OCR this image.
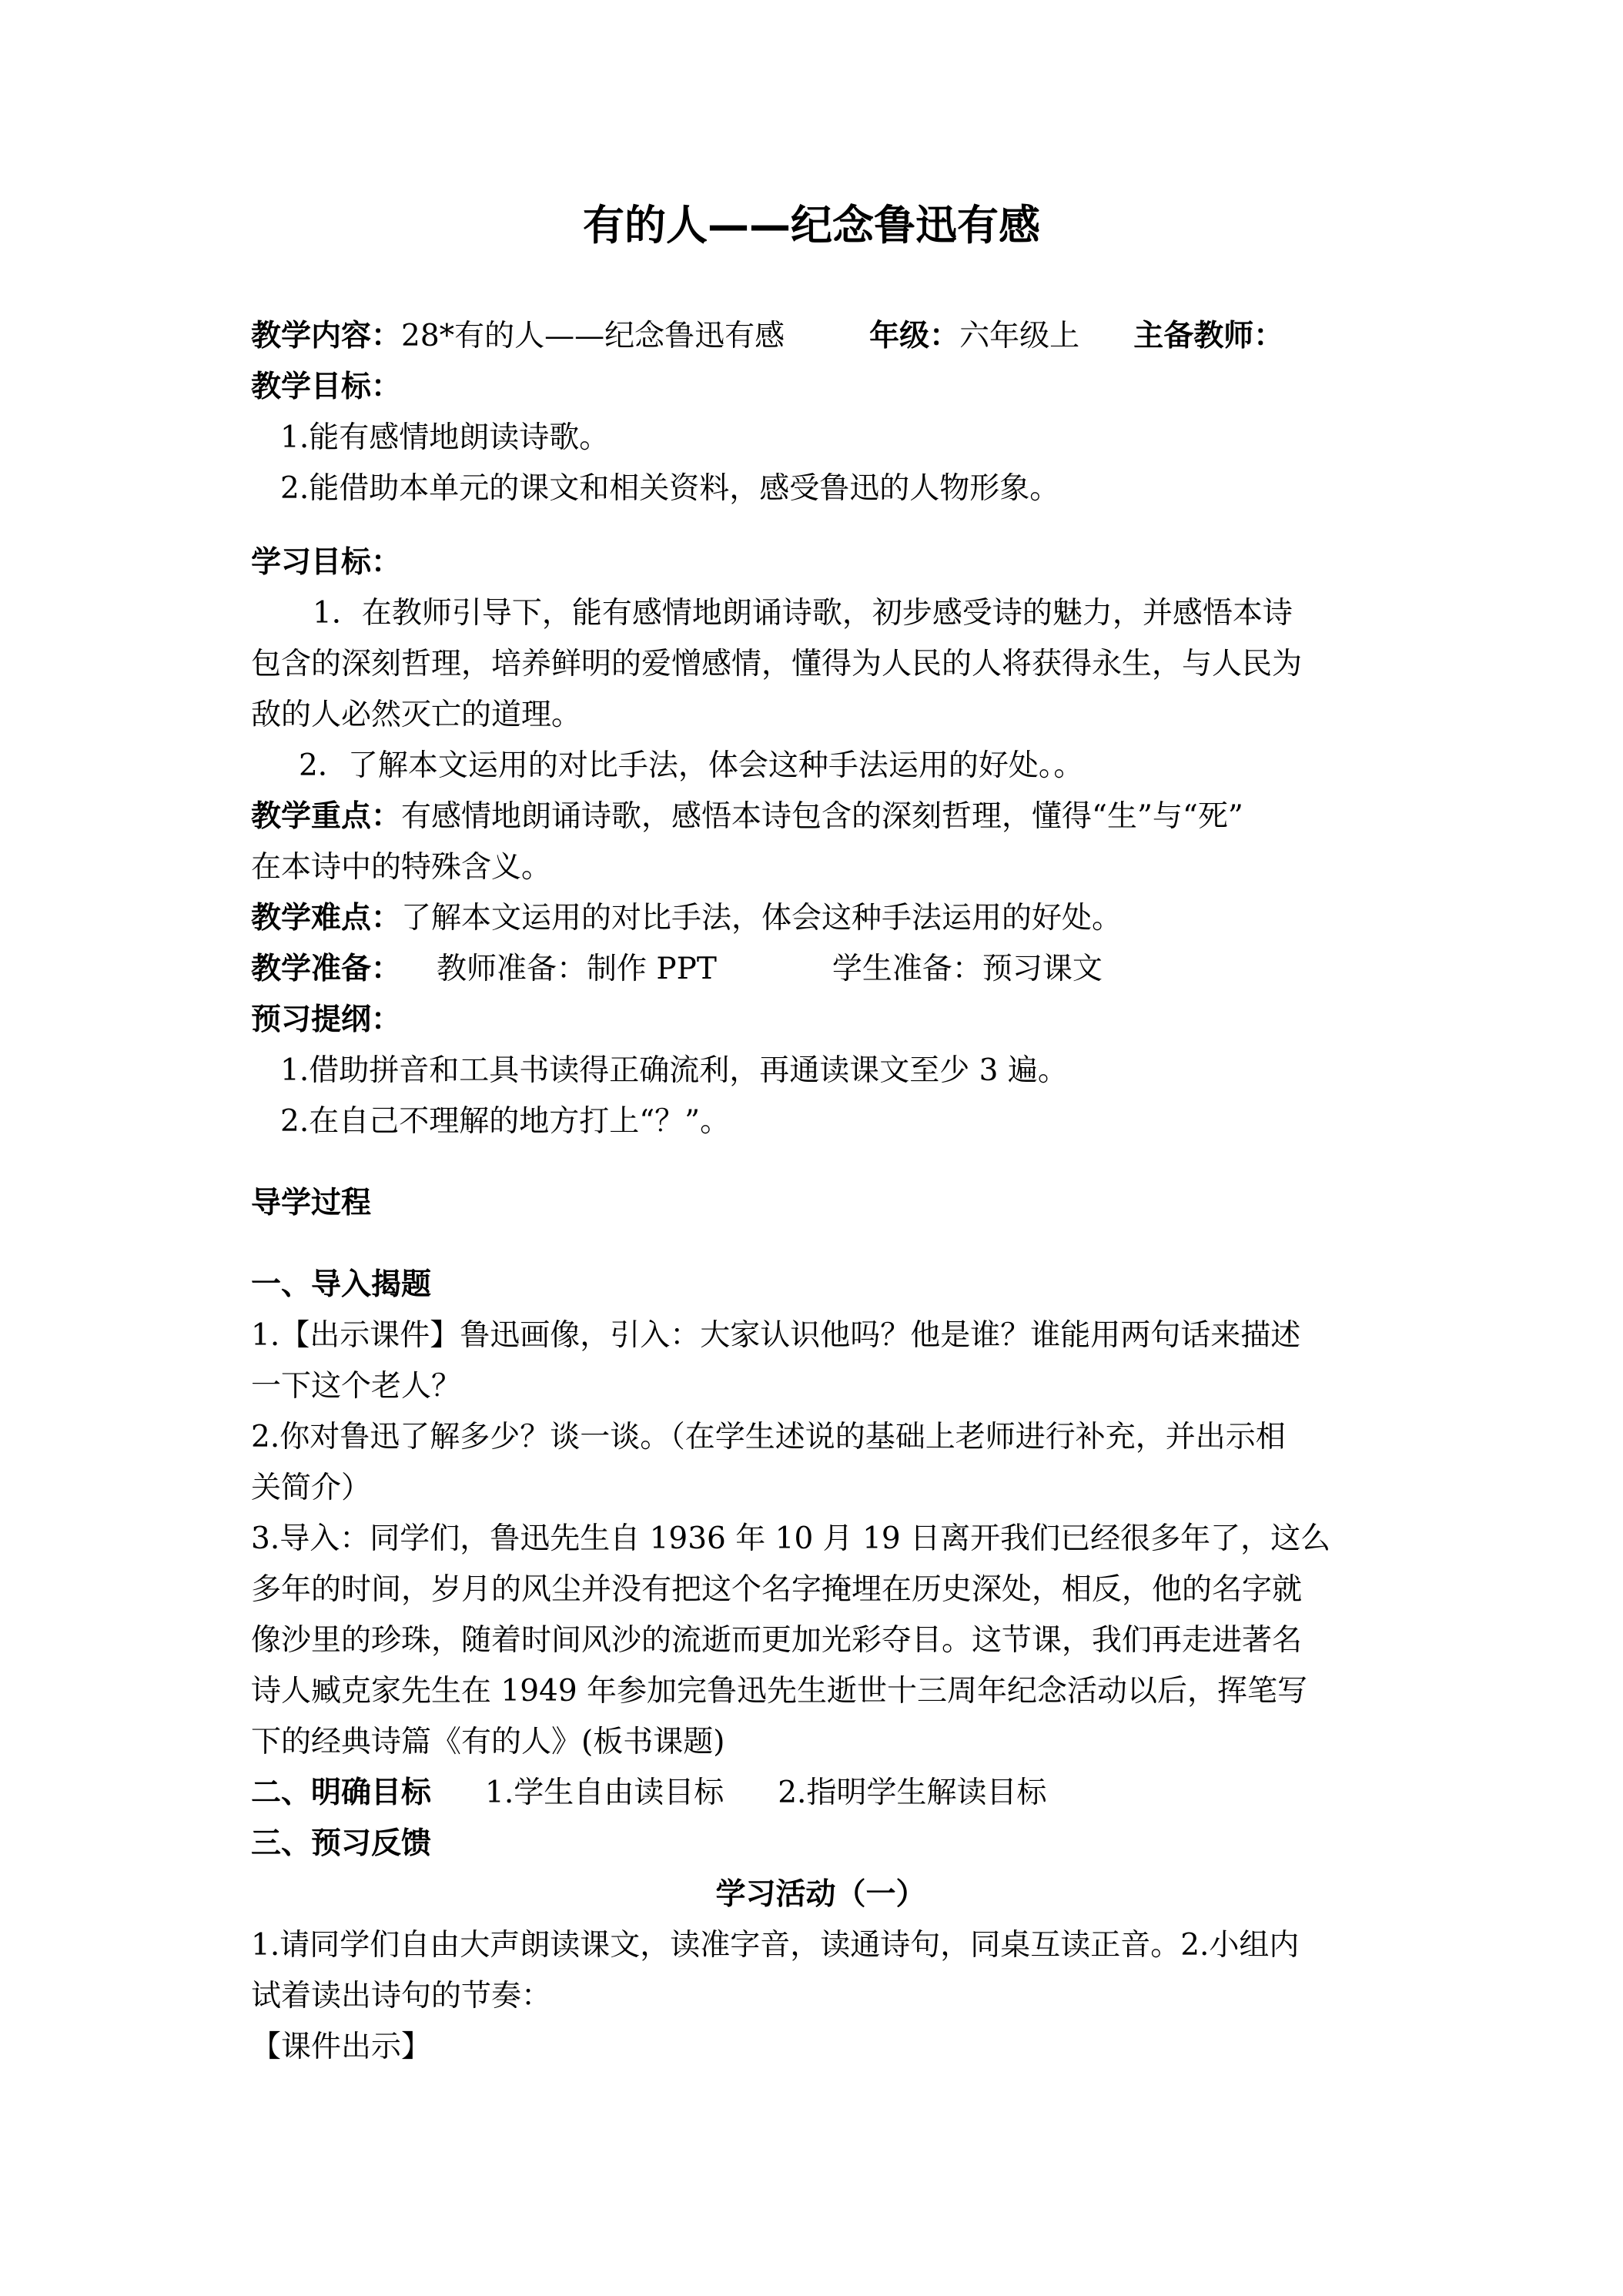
有的人——纪念鲁迅有感

教学内容：28*有的人——纪念鲁迅有感	年级：六年级上 主备教师：

教学目标：

1.能有感情地朗读诗歌。

2.能借助本单元的课文和相关资料，感受鲁迅的人物形象。

学习目标：

1．在教师引导下，能有感情地朗诵诗歌，初步感受诗的魅力，并感悟本诗

包含的深刻哲理，培养鲜明的爱憎感情，懂得为人民的人将获得永生，与人民为

敌的人必然灭亡的道理。

2．了解本文运用的对比手法，体会这种手法运用的好处。。

教学重点：有感情地朗诵诗歌，感悟本诗包含的深刻哲理，懂得“生”与“死”

在本诗中的特殊含义。

教学难点：了解本文运用的对比手法，体会这种手法运用的好处。

教学准备： 教师准备：制作 PPT	学生准备：预习课文

预习提纲：

1.借助拼音和工具书读得正确流利，再通读课文至少 3 遍。

2.在自己不理解的地方打上“？”。

导学过程

一、导入揭题

1.【出示课件】鲁迅画像，引入：大家认识他吗？他是谁？谁能用两句话来描述

一下这个老人？

2.你对鲁迅了解多少？谈一谈。（在学生述说的基础上老师进行补充，并出示相

关简介）

3.导入：同学们，鲁迅先生自 1936 年 10 月 19 日离开我们已经很多年了，这么

多年的时间，岁月的风尘并没有把这个名字掩埋在历史深处，相反，他的名字就

像沙里的珍珠，随着时间风沙的流逝而更加光彩夺目。这节课，我们再走进著名

诗人臧克家先生在 1949 年参加完鲁迅先生逝世十三周年纪念活动以后，挥笔写

下的经典诗篇《有的人》(板书课题)

二、明确目标 1.学生自由读目标 2.指明学生解读目标

三、预习反馈

学习活动（一）

1.请同学们自由大声朗读课文，读准字音，读通诗句，同桌互读正音。2.小组内

试着读出诗句的节奏：

【课件出示】
